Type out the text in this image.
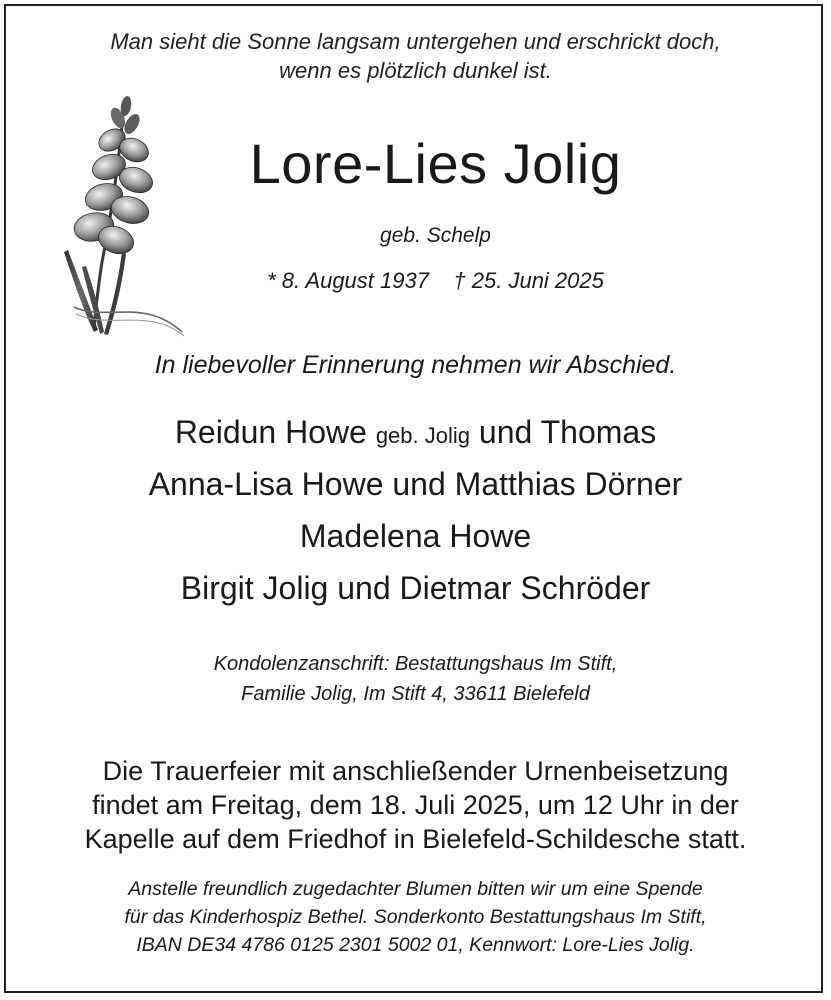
Man sieht die Sonne langsam untergehen und erschrickt doch,
wenn es plötzlich dunkel ist.
Lore-Lies Jolig
geb. Schelp
* 8. August 1937 † 25. Juni 2025
In liebevoller Erinnerung nehmen wir Abschied.
Reidun Howe geb. Jolig und Thomas
Anna-Lisa Howe und Matthias Dörner
Madelena Howe
Birgit Jolig und Dietmar Schröder
Kondolenzanschrift: Bestattungshaus Im Stift,
Familie Jolig, Im Stift 4, 33611 Bielefeld
Die Trauerfeier mit anschließender Urnenbeisetzung
findet am Freitag, dem 18. Juli 2025, um 12 Uhr in der
Kapelle auf dem Friedhof in Bielefeld-Schildesche statt.
Anstelle freundlich zugedachter Blumen bitten wir um eine Spende
für das Kinderhospiz Bethel. Sonderkonto Bestattungshaus Im Stift,
IBAN DE34 4786 0125 2301 5002 01, Kennwort: Lore-Lies Jolig.
